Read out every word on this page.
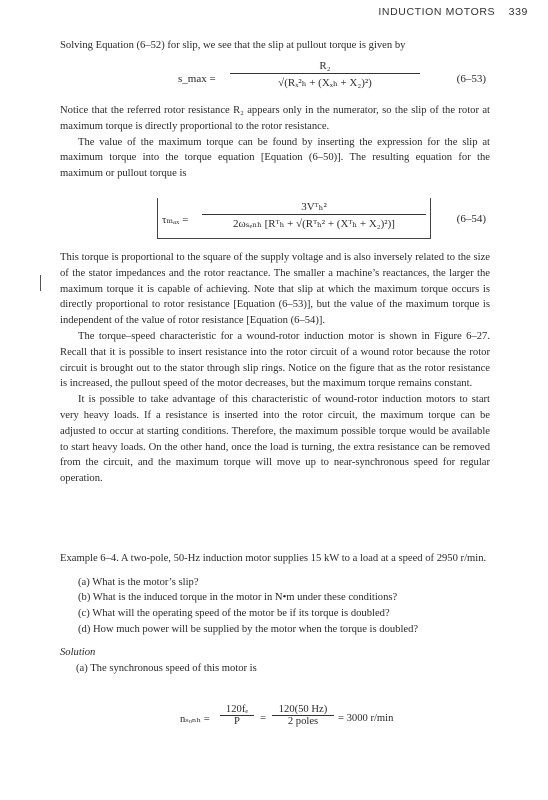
INDUCTION MOTORS 339

Solving Equation (6–52) for slip, we see that the slip at pullout torque is given by

s_max =
R₂
√(Rₓ²ₕ + (Xₓₕ + X₂)²)	(6–53)

Notice that the referred rotor resistance R₂ appears only in the numerator, so the slip of the rotor at maximum torque is directly proportional to the rotor resistance.

The value of the maximum torque can be found by inserting the expression for the slip at maximum torque into the torque equation [Equation (6–50)]. The resulting equation for the maximum or pullout torque is

τₘₐₓ =
3Vᵀₕ²
2ωₛₑₙₕ [Rᵀₕ + √(Rᵀₕ² + (Xᵀₕ + X₂)²)]	(6–54)

This torque is proportional to the square of the supply voltage and is also inversely related to the size of the stator impedances and the rotor reactance. The smaller a machine’s reactances, the larger the maximum torque it is capable of achieving. Note that slip at which the maximum torque occurs is directly proportional to rotor resistance [Equation (6–53)], but the value of the maximum torque is independent of the value of rotor resistance [Equation (6–54)].

The torque–speed characteristic for a wound-rotor induction motor is shown in Figure 6–27. Recall that it is possible to insert resistance into the rotor circuit of a wound rotor because the rotor circuit is brought out to the stator through slip rings. Notice on the figure that as the rotor resistance is increased, the pullout speed of the motor decreases, but the maximum torque remains constant.

It is possible to take advantage of this characteristic of wound-rotor induction motors to start very heavy loads. If a resistance is inserted into the rotor circuit, the maximum torque can be adjusted to occur at starting conditions. Therefore, the maximum possible torque would be available to start heavy loads. On the other hand, once the load is turning, the extra resistance can be removed from the circuit, and the maximum torque will move up to near-synchronous speed for regular operation.

Example 6–4. A two-pole, 50-Hz induction motor supplies 15 kW to a load at a speed of 2950 r/min.

(a) What is the motor’s slip?

(b) What is the induced torque in the motor in N•m under these conditions?

(c) What will the operating speed of the motor be if its torque is doubled?

(d) How much power will be supplied by the motor when the torque is doubled?

Solution

(a) The synchronous speed of this motor is

$n_{sonh} = \frac{\text{120fₑ}}{P}$ =
120(50 Hz)
2 poles	= 3000 r/min
